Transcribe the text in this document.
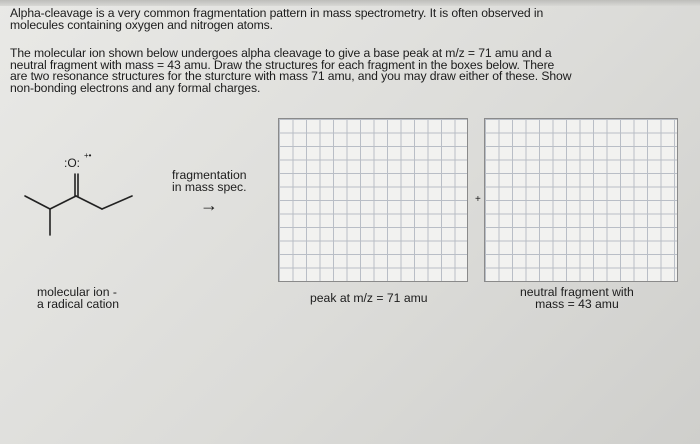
Alpha-cleavage is a very common fragmentation pattern in mass spectrometry. It is often observed in
molecules containing oxygen and nitrogen atoms.
The molecular ion shown below undergoes alpha cleavage to give a base peak at m/z = 71 amu and a
neutral fragment with mass = 43 amu. Draw the structures for each fragment in the boxes below. There
are two resonance structures for the sturcture with mass 71 amu, and you may draw either of these. Show
non-bonding electrons and any formal charges.
:O:
+•
molecular ion -
a radical cation
fragmentation
in mass spec.
→	+
peak at m/z = 71 amu	neutral fragment with
mass = 43 amu
